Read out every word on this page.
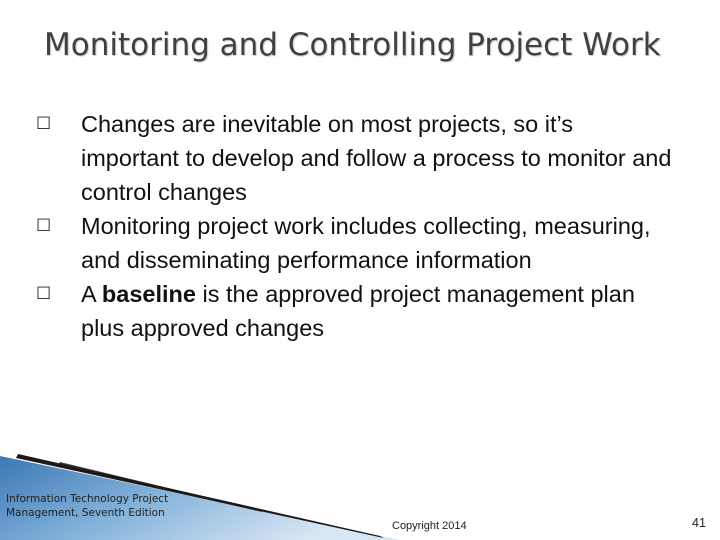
Monitoring and Controlling Project Work
☐ Changes are inevitable on most projects, so it’s important to develop and follow a process to monitor and control changes
☐ Monitoring project work includes collecting, measuring, and disseminating performance information
☐ A baseline is the approved project management plan plus approved changes
Information Technology Project Management, Seventh Edition
Copyright 2014	41
